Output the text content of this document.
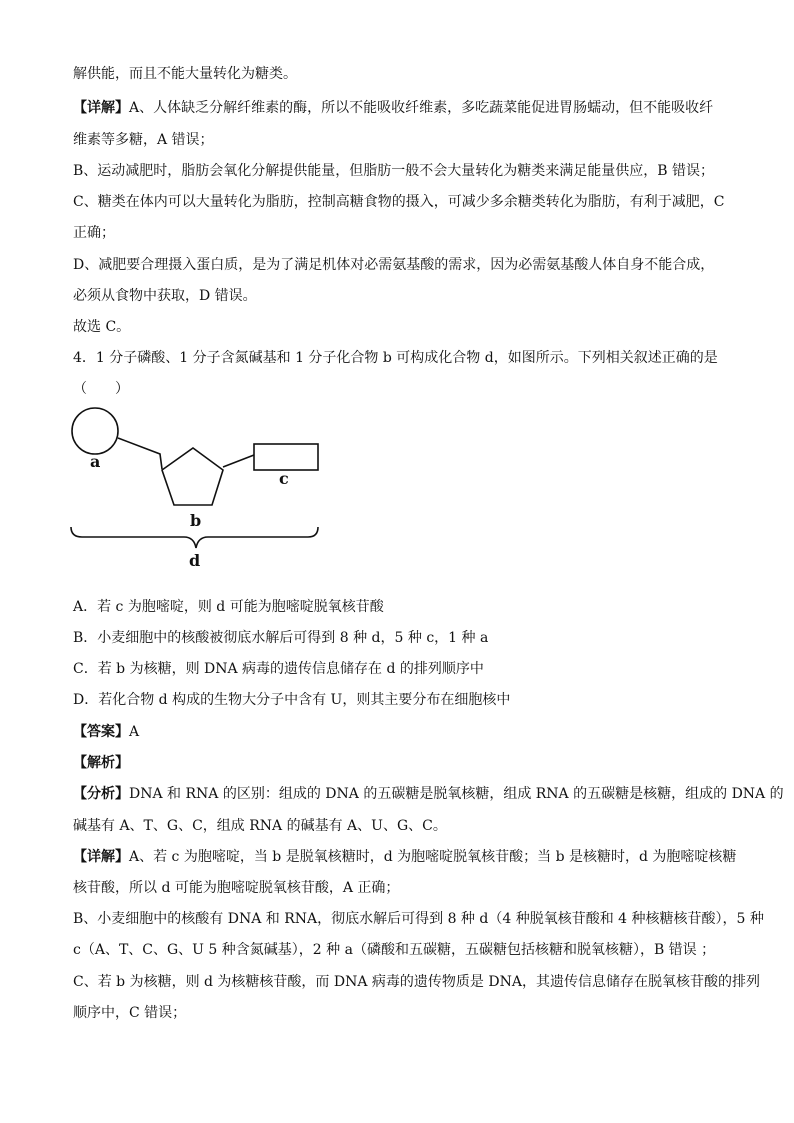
解供能，而且不能大量转化为糖类。
【详解】A、人体缺乏分解纤维素的酶，所以不能吸收纤维素，多吃蔬菜能促进胃肠蠕动，但不能吸收纤
维素等多糖，A 错误；
B、运动减肥时，脂肪会氧化分解提供能量，但脂肪一般不会大量转化为糖类来满足能量供应，B 错误；
C、糖类在体内可以大量转化为脂肪，控制高糖食物的摄入，可减少多余糖类转化为脂肪，有利于减肥，C
正确；
D、减肥要合理摄入蛋白质，是为了满足机体对必需氨基酸的需求，因为必需氨基酸人体自身不能合成，
必须从食物中获取，D 错误。
故选 C。
4．1 分子磷酸、1 分子含氮碱基和 1 分子化合物 b 可构成化合物 d，如图所示。下列相关叙述正确的是
（　　）
a
c
b
d
A．若 c 为胞嘧啶，则 d 可能为胞嘧啶脱氧核苷酸
B．小麦细胞中的核酸被彻底水解后可得到 8 种 d，5 种 c，1 种 a
C．若 b 为核糖，则 DNA 病毒的遗传信息储存在 d 的排列顺序中
D．若化合物 d 构成的生物大分子中含有 U，则其主要分布在细胞核中
【答案】A
【解析】
【分析】DNA 和 RNA 的区别：组成的 DNA 的五碳糖是脱氧核糖，组成 RNA 的五碳糖是核糖，组成的 DNA 的
碱基有 A、T、G、C，组成 RNA 的碱基有 A、U、G、C。
【详解】A、若 c 为胞嘧啶，当 b 是脱氧核糖时，d 为胞嘧啶脱氧核苷酸；当 b 是核糖时，d 为胞嘧啶核糖
核苷酸，所以 d 可能为胞嘧啶脱氧核苷酸，A 正确；
B、小麦细胞中的核酸有 DNA 和 RNA，彻底水解后可得到 8 种 d（4 种脱氧核苷酸和 4 种核糖核苷酸），5 种
c（A、T、C、G、U 5 种含氮碱基），2 种 a（磷酸和五碳糖，五碳糖包括核糖和脱氧核糖），B 错误 ；
C、若 b 为核糖，则 d 为核糖核苷酸，而 DNA 病毒的遗传物质是 DNA，其遗传信息储存在脱氧核苷酸的排列
顺序中，C 错误；
